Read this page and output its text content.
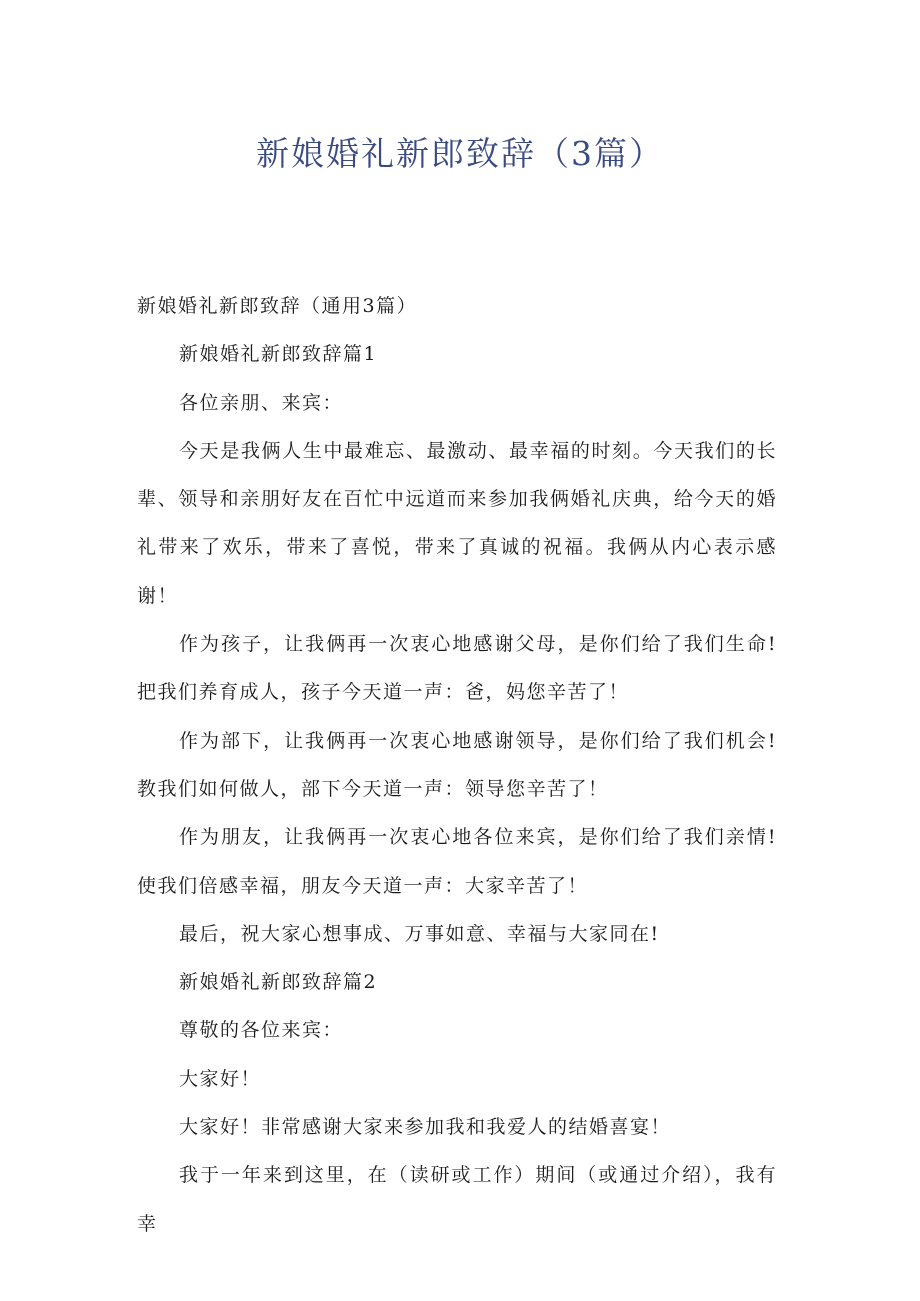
新娘婚礼新郎致辞（3篇）

新娘婚礼新郎致辞（通用3篇）

新娘婚礼新郎致辞篇1

各位亲朋、来宾：

今天是我俩人生中最难忘、最激动、最幸福的时刻。今天我们的长辈、领导和亲朋好友在百忙中远道而来参加我俩婚礼庆典，给今天的婚礼带来了欢乐，带来了喜悦，带来了真诚的祝福。我俩从内心表示感谢！

作为孩子，让我俩再一次衷心地感谢父母，是你们给了我们生命!把我们养育成人，孩子今天道一声：爸，妈您辛苦了！

作为部下，让我俩再一次衷心地感谢领导，是你们给了我们机会!教我们如何做人，部下今天道一声：领导您辛苦了！

作为朋友，让我俩再一次衷心地各位来宾，是你们给了我们亲情!使我们倍感幸福，朋友今天道一声：大家辛苦了！

最后，祝大家心想事成、万事如意、幸福与大家同在!

新娘婚礼新郎致辞篇2

尊敬的各位来宾：

大家好！

大家好！非常感谢大家来参加我和我爱人的结婚喜宴！

我于一年来到这里，在（读研或工作）期间（或通过介绍），我有幸
